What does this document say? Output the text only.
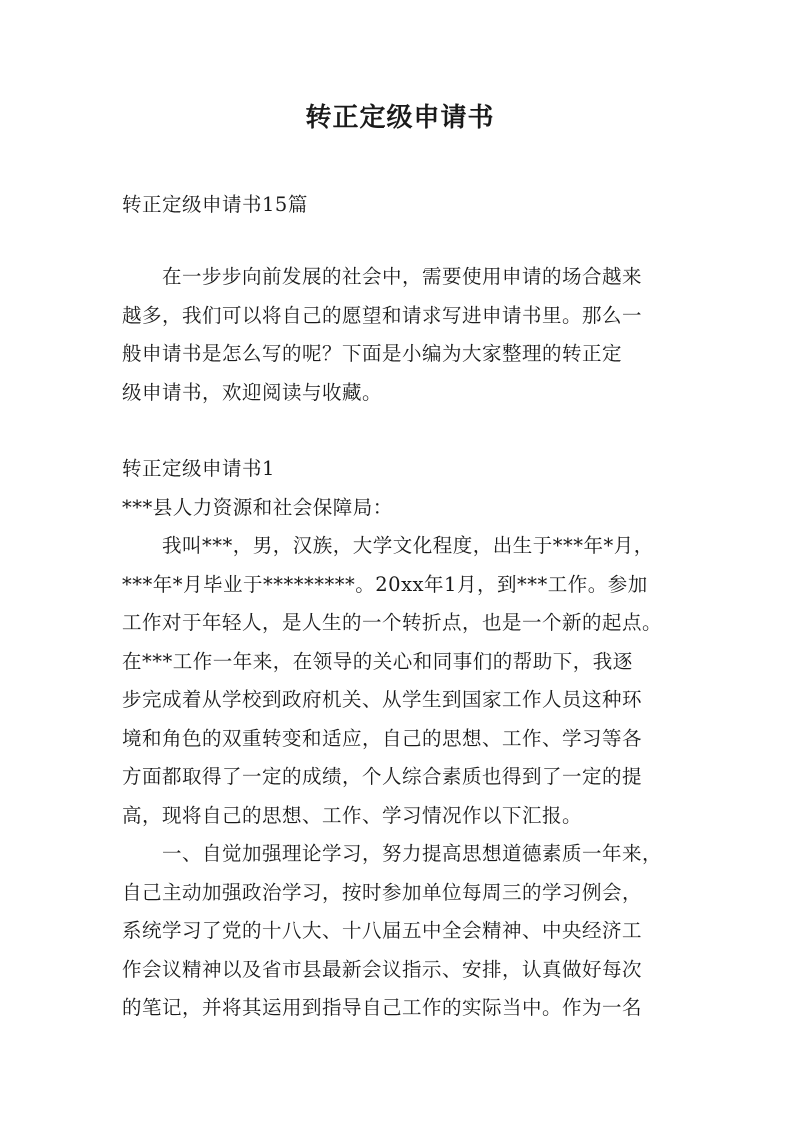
转正定级申请书
转正定级申请书15篇
在一步步向前发展的社会中，需要使用申请的场合越来
越多，我们可以将自己的愿望和请求写进申请书里。那么一
般申请书是怎么写的呢？下面是小编为大家整理的转正定
级申请书，欢迎阅读与收藏。
转正定级申请书1
***县人力资源和社会保障局：
我叫***，男，汉族，大学文化程度，出生于***年*月，
***年*月毕业于*********。20xx年1月，到***工作。参加
工作对于年轻人，是人生的一个转折点，也是一个新的起点。
在***工作一年来，在领导的关心和同事们的帮助下，我逐
步完成着从学校到政府机关、从学生到国家工作人员这种环
境和角色的双重转变和适应，自己的思想、工作、学习等各
方面都取得了一定的成绩，个人综合素质也得到了一定的提
高，现将自己的思想、工作、学习情况作以下汇报。
一、自觉加强理论学习，努力提高思想道德素质一年来，
自己主动加强政治学习，按时参加单位每周三的学习例会，
系统学习了党的十八大、十八届五中全会精神、中央经济工
作会议精神以及省市县最新会议指示、安排，认真做好每次
的笔记，并将其运用到指导自己工作的实际当中。作为一名
